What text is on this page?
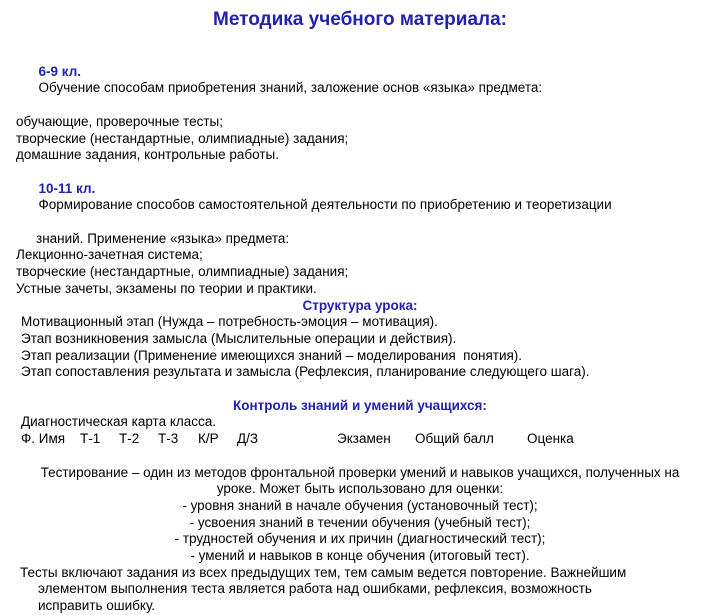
Методика учебного материала:

6-9 кл.
Обучение способам приобретения знаний, заложение основ «языка» предмета:

обучающие, проверочные тесты;
творческие (нестандартные, олимпиадные) задания;
домашние задания, контрольные работы.

10-11 кл.
Формирование способов самостоятельной деятельности по приобретению и теоретизации

знаний. Применение «языка» предмета:
Лекционно-зачетная система;
творческие (нестандартные, олимпиадные) задания;
Устные зачеты, экзамены по теории и практики.
Структура урока:
Мотивационный этап (Нужда – потребность-эмоция – мотивация).
Этап возникновения замысла (Мыслительные операции и действия).
Этап реализации (Применение имеющихся знаний – моделирования  понятия).
Этап сопоставления результата и замысла (Рефлексия, планирование следующего шага).
Контроль знаний и умений учащихся:
Диагностическая карта класса.

Ф. Имя

Т-1

Т-2

Т-3

К/Р

Д/З

	Экзамен

Общий балл

Оценка

Тестирование – один из методов фронтальной проверки умений и навыков учащихся, полученных на
уроке. Может быть использовано для оценки:
- уровня знаний в начале обучения (установочный тест);
- усвоения знаний в течении обучения (учебный тест);
- трудностей обучения и их причин (диагностический тест);
- умений и навыков в конце обучения (итоговый тест).
Тесты включают задания из всех предыдущих тем, тем самым ведется повторение. Важнейшим
элементом выполнения теста является работа над ошибками, рефлексия, возможность
исправить ошибку.
